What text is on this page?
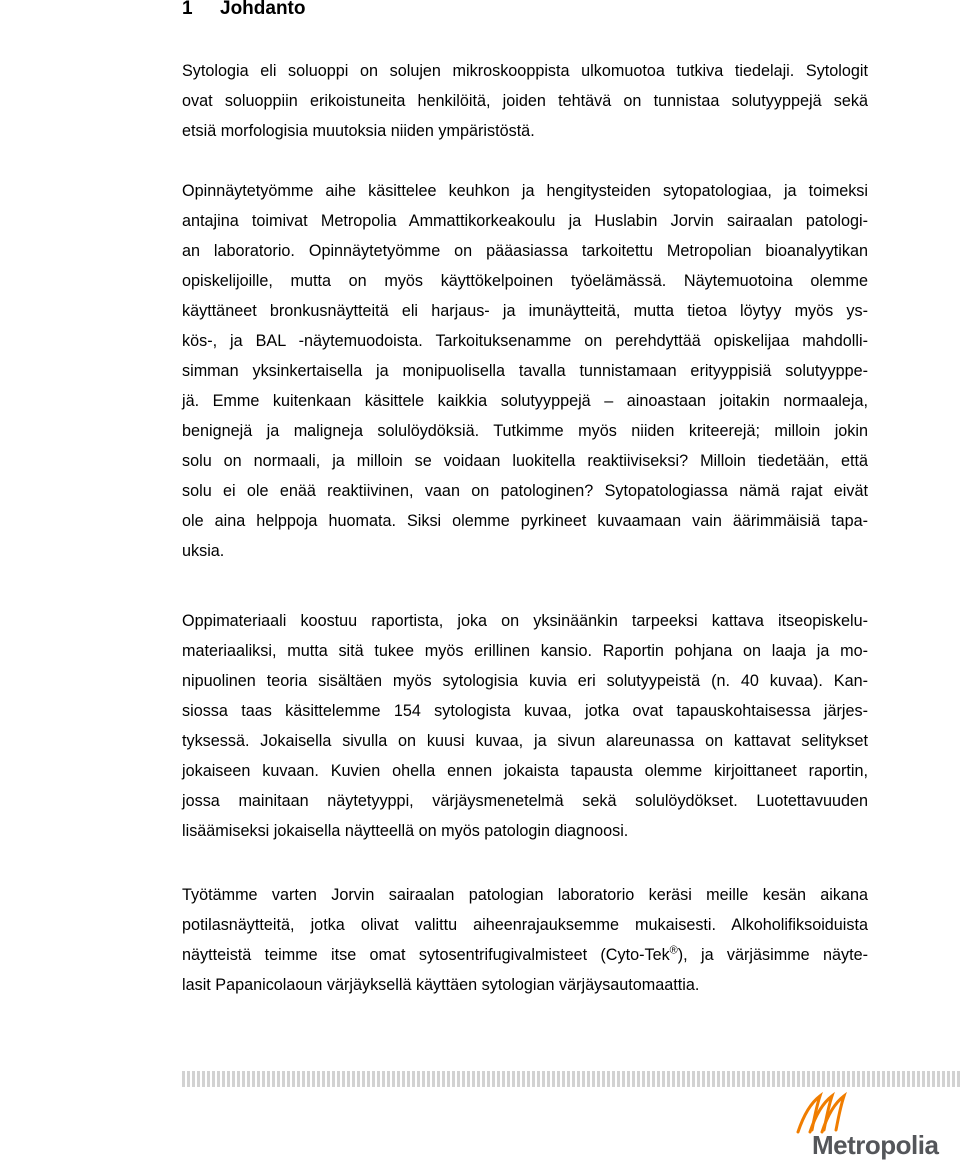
1 Johdanto
Sytologia eli soluoppi on solujen mikroskooppista ulkomuotoa tutkiva tiedelaji. Sytologit
ovat soluoppiin erikoistuneita henkilöitä, joiden tehtävä on tunnistaa solutyyppejä sekä
etsiä morfologisia muutoksia niiden ympäristöstä.
Opinnäytetyömme aihe käsittelee keuhkon ja hengitysteiden sytopatologiaa, ja toimeksi
antajina toimivat Metropolia Ammattikorkeakoulu ja Huslabin Jorvin sairaalan patologi-
an laboratorio. Opinnäytetyömme on pääasiassa tarkoitettu Metropolian bioanalyytikan
opiskelijoille, mutta on myös käyttökelpoinen työelämässä. Näytemuotoina olemme
käyttäneet bronkusnäytteitä eli harjaus- ja imunäytteitä, mutta tietoa löytyy myös ys-
kös-, ja BAL -näytemuodoista. Tarkoituksenamme on perehdyttää opiskelijaa mahdolli-
simman yksinkertaisella ja monipuolisella tavalla tunnistamaan erityyppisiä solutyyppe-
jä. Emme kuitenkaan käsittele kaikkia solutyyppejä – ainoastaan joitakin normaaleja,
benignejä ja maligneja solulöydöksiä. Tutkimme myös niiden kriteerejä; milloin jokin
solu on normaali, ja milloin se voidaan luokitella reaktiiviseksi? Milloin tiedetään, että
solu ei ole enää reaktiivinen, vaan on patologinen? Sytopatologiassa nämä rajat eivät
ole aina helppoja huomata. Siksi olemme pyrkineet kuvaamaan vain äärimmäisiä tapa-
uksia.
Oppimateriaali koostuu raportista, joka on yksinäänkin tarpeeksi kattava itseopiskelu-
materiaaliksi, mutta sitä tukee myös erillinen kansio. Raportin pohjana on laaja ja mo-
nipuolinen teoria sisältäen myös sytologisia kuvia eri solutyypeistä (n. 40 kuvaa). Kan-
siossa taas käsittelemme 154 sytologista kuvaa, jotka ovat tapauskohtaisessa järjes-
tyksessä. Jokaisella sivulla on kuusi kuvaa, ja sivun alareunassa on kattavat selitykset
jokaiseen kuvaan. Kuvien ohella ennen jokaista tapausta olemme kirjoittaneet raportin,
jossa mainitaan näytetyyppi, värjäysmenetelmä sekä solulöydökset. Luotettavuuden
lisäämiseksi jokaisella näytteellä on myös patologin diagnoosi.
Työtämme varten Jorvin sairaalan patologian laboratorio keräsi meille kesän aikana
potilasnäytteitä, jotka olivat valittu aiheenrajauksemme mukaisesti. Alkoholifiksoiduista
näytteistä teimme itse omat sytosentrifugivalmisteet (Cyto-Tek®), ja värjäsimme näyte-
lasit Papanicolaoun värjäyksellä käyttäen sytologian värjäysautomaattia.
Metropolia
